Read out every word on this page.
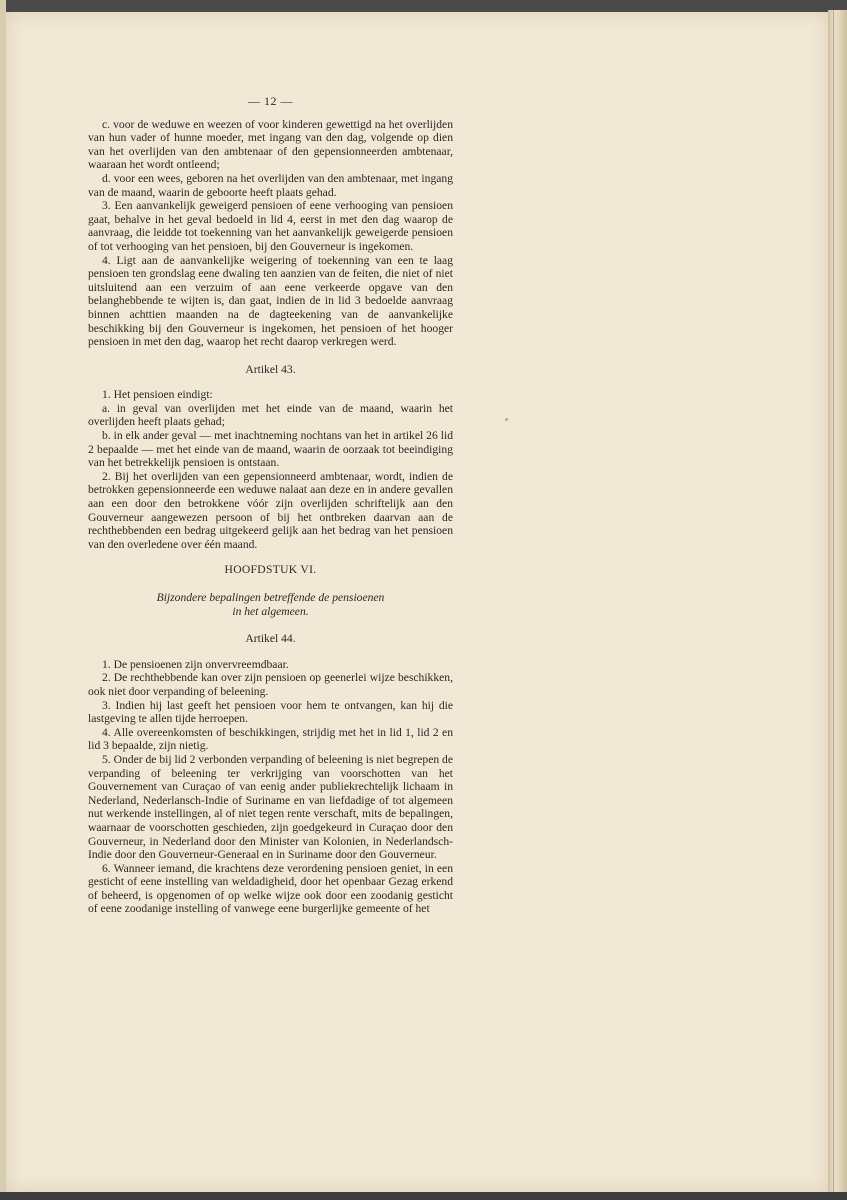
— 12 —

c. voor de weduwe en weezen of voor kinderen gewettigd na het overlijden van hun vader of hunne moeder, met ingang van den dag, volgende op dien van het overlijden van den ambtenaar of den gepensionneerden ambtenaar, waaraan het wordt ontleend;

d. voor een wees, geboren na het overlijden van den ambtenaar, met ingang van de maand, waarin de geboorte heeft plaats gehad.

3. Een aanvankelijk geweigerd pensioen of eene verhooging van pensioen gaat, behalve in het geval bedoeld in lid 4, eerst in met den dag waarop de aanvraag, die leidde tot toekenning van het aanvankelijk geweigerde pensioen of tot verhooging van het pensioen, bij den Gouverneur is ingekomen.

4. Ligt aan de aanvankelijke weigering of toekenning van een te laag pensioen ten grondslag eene dwaling ten aanzien van de feiten, die niet of niet uitsluitend aan een verzuim of aan eene verkeerde opgave van den belanghebbende te wijten is, dan gaat, indien de in lid 3 bedoelde aanvraag binnen achttien maanden na de dagteekening van de aanvankelijke beschikking bij den Gouverneur is ingekomen, het pensioen of het hooger pensioen in met den dag, waarop het recht daarop verkregen werd.

Artikel 43.

1. Het pensioen eindigt:

a. in geval van overlijden met het einde van de maand, waarin het overlijden heeft plaats gehad;

b. in elk ander geval — met inachtneming nochtans van het in artikel 26 lid 2 bepaalde — met het einde van de maand, waarin de oorzaak tot beeindiging van het betrekkelijk pensioen is ontstaan.

2. Bij het overlijden van een gepensionneerd ambtenaar, wordt, indien de betrokken gepensionneerde een weduwe nalaat aan deze en in andere gevallen aan een door den betrokkene vóór zijn overlijden schriftelijk aan den Gouverneur aangewezen persoon of bij het ontbreken daarvan aan de rechthebbenden een bedrag uitgekeerd gelijk aan het bedrag van het pensioen van den overledene over één maand.

HOOFDSTUK VI.
Bijzondere bepalingen betreffende de pensioenen
in het algemeen.
Artikel 44.

1. De pensioenen zijn onvervreemdbaar.

2. De rechthebbende kan over zijn pensioen op geenerlei wijze beschikken, ook niet door verpanding of beleening.

3. Indien hij last geeft het pensioen voor hem te ontvangen, kan hij die lastgeving te allen tijde herroepen.

4. Alle overeenkomsten of beschikkingen, strijdig met het in lid 1, lid 2 en lid 3 bepaalde, zijn nietig.

5. Onder de bij lid 2 verbonden verpanding of beleening is niet begrepen de verpanding of beleening ter verkrijging van voorschotten van het Gouvernement van Curaçao of van eenig ander publiekrechtelijk lichaam in Nederland, Nederlansch-Indie of Suriname en van liefdadige of tot algemeen nut werkende instellingen, al of niet tegen rente verschaft, mits de bepalingen, waarnaar de voorschotten geschieden, zijn goedgekeurd in Curaçao door den Gouverneur, in Nederland door den Minister van Kolonien, in Nederlandsch-Indie door den Gouverneur-Generaal en in Suriname door den Gouverneur.

6. Wanneer iemand, die krachtens deze verordening pensioen geniet, in een gesticht of eene instelling van weldadigheid, door het openbaar Gezag erkend of beheerd, is opgenomen of op welke wijze ook door een zoodanig gesticht of eene zoodanige instelling of vanwege eene burgerlijke gemeente of het
